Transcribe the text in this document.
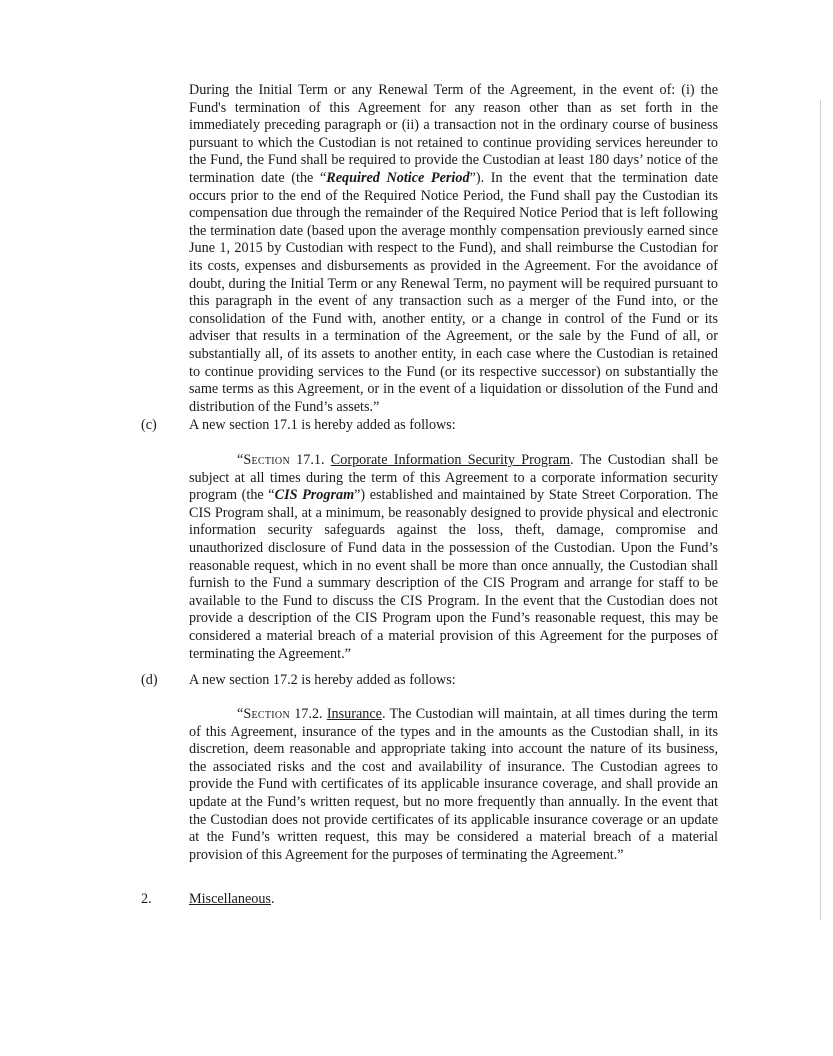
During the Initial Term or any Renewal Term of the Agreement, in the event of: (i) the Fund's termination of this Agreement for any reason other than as set forth in the immediately preceding paragraph or (ii) a transaction not in the ordinary course of business pursuant to which the Custodian is not retained to continue providing services hereunder to the Fund, the Fund shall be required to provide the Custodian at least 180 days’ notice of the termination date (the “Required Notice Period”). In the event that the termination date occurs prior to the end of the Required Notice Period, the Fund shall pay the Custodian its compensation due through the remainder of the Required Notice Period that is left following the termination date (based upon the average monthly compensation previously earned since June 1, 2015 by Custodian with respect to the Fund), and shall reimburse the Custodian for its costs, expenses and disbursements as provided in the Agreement. For the avoidance of doubt, during the Initial Term or any Renewal Term, no payment will be required pursuant to this paragraph in the event of any transaction such as a merger of the Fund into, or the consolidation of the Fund with, another entity, or a change in control of the Fund or its adviser that results in a termination of the Agreement, or the sale by the Fund of all, or substantially all, of its assets to another entity, in each case where the Custodian is retained to continue providing services to the Fund (or its respective successor) on substantially the same terms as this Agreement, or in the event of a liquidation or dissolution of the Fund and distribution of the Fund’s assets.”

(c) A new section 17.1 is hereby added as follows:

“Section 17.1. Corporate Information Security Program. The Custodian shall be subject at all times during the term of this Agreement to a corporate information security program (the “CIS Program”) established and maintained by State Street Corporation. The CIS Program shall, at a minimum, be reasonably designed to provide physical and electronic information security safeguards against the loss, theft, damage, compromise and unauthorized disclosure of Fund data in the possession of the Custodian. Upon the Fund’s reasonable request, which in no event shall be more than once annually, the Custodian shall furnish to the Fund a summary description of the CIS Program and arrange for staff to be available to the Fund to discuss the CIS Program. In the event that the Custodian does not provide a description of the CIS Program upon the Fund’s reasonable request, this may be considered a material breach of a material provision of this Agreement for the purposes of terminating the Agreement.”

(d) A new section 17.2 is hereby added as follows:

“Section 17.2. Insurance. The Custodian will maintain, at all times during the term of this Agreement, insurance of the types and in the amounts as the Custodian shall, in its discretion, deem reasonable and appropriate taking into account the nature of its business, the associated risks and the cost and availability of insurance. The Custodian agrees to provide the Fund with certificates of its applicable insurance coverage, and shall provide an update at the Fund’s written request, but no more frequently than annually. In the event that the Custodian does not provide certificates of its applicable insurance coverage or an update at the Fund’s written request, this may be considered a material breach of a material provision of this Agreement for the purposes of terminating the Agreement.”

2.	Miscellaneous.
